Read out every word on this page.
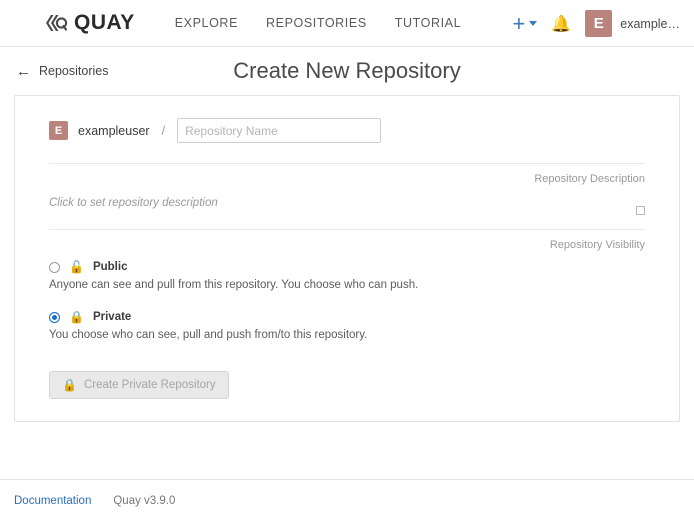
QUAY	EXPLORE REPOSITORIES TUTORIAL + 🔔	E	example…
← Repositories	Create New Repository
E	exampleuser /
Repository Name
Repository Description
Click to set repository description
Repository Visibility
🔓 Public
Anyone can see and pull from this repository. You choose who can push.
🔒 Private
You choose who can see, pull and push from/to this repository.
🔒 Create Private Repository
Documentation Quay v3.9.0
